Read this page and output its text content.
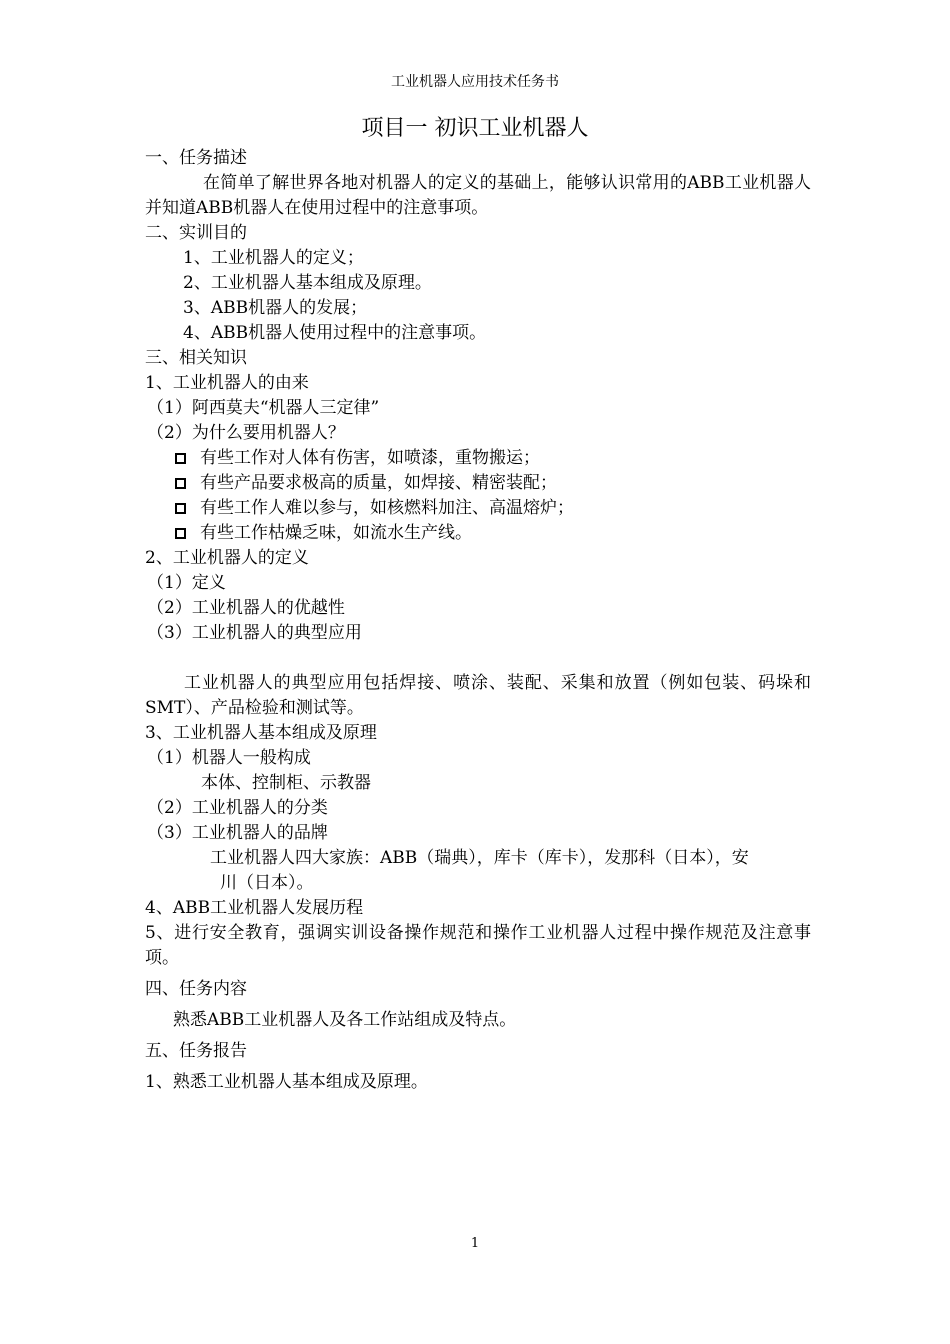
工业机器人应用技术任务书
项目一 初识工业机器人
一、任务描述
在简单了解世界各地对机器人的定义的基础上，能够认识常用的ABB工业机器人并知道ABB机器人在使用过程中的注意事项。
二、实训目的
1、工业机器人的定义；
2、工业机器人基本组成及原理。
3、ABB机器人的发展；
4、ABB机器人使用过程中的注意事项。
三、相关知识
1、工业机器人的由来
（1）阿西莫夫“机器人三定律”
（2）为什么要用机器人？
有些工作对人体有伤害，如喷漆，重物搬运；
有些产品要求极高的质量，如焊接、精密装配；
有些工作人难以参与，如核燃料加注、高温熔炉；
有些工作枯燥乏味，如流水生产线。
2、工业机器人的定义
（1）定义
（2）工业机器人的优越性
（3）工业机器人的典型应用
工业机器人的典型应用包括焊接、喷涂、装配、采集和放置（例如包装、码垛和SMT）、产品检验和测试等。
3、工业机器人基本组成及原理
（1）机器人一般构成
本体、控制柜、示教器
（2）工业机器人的分类
（3）工业机器人的品牌
工业机器人四大家族：ABB（瑞典），库卡（库卡），发那科（日本），安
川（日本）。
4、ABB工业机器人发展历程
5、进行安全教育，强调实训设备操作规范和操作工业机器人过程中操作规范及注意事项。
四、任务内容
熟悉ABB工业机器人及各工作站组成及特点。
五、任务报告
1、熟悉工业机器人基本组成及原理。
1
